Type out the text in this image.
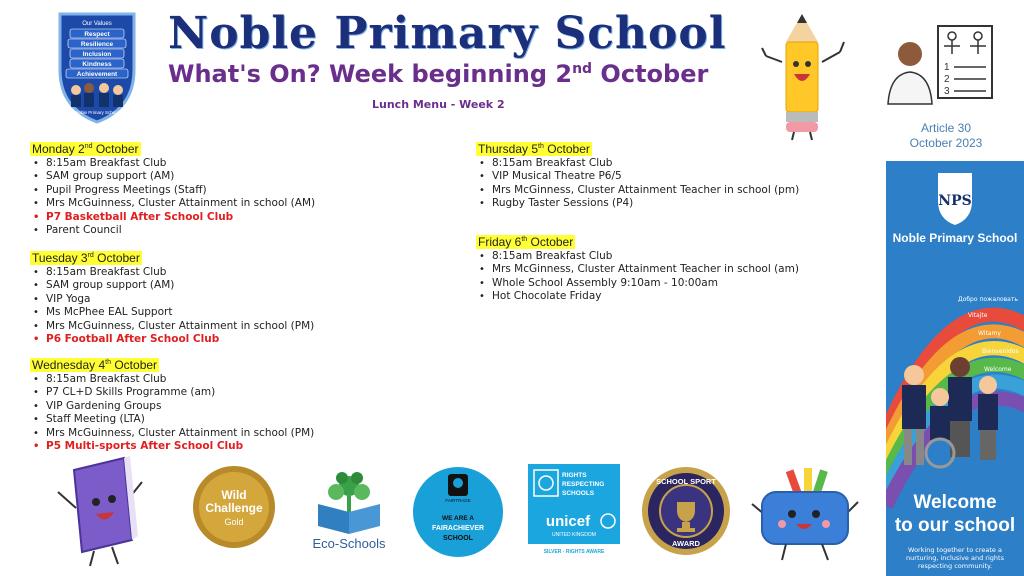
Our Values
Respect
Resilience
Inclusion
Kindness
Achievement
Noble Primary School
Noble Primary School
What's On? Week beginning 2nd October
Lunch Menu - Week 2
1
2
3
Article 30
October 2023
Monday 2nd October
• 8:15am Breakfast Club
• SAM group support (AM)
• Pupil Progress Meetings (Staff)
• Mrs McGuinness, Cluster Attainment in school (AM)
• P7 Basketball After School Club
• Parent Council
Tuesday 3rd October
• 8:15am Breakfast Club
• SAM group support (AM)
• VIP Yoga
• Ms McPhee EAL Support
• Mrs McGuinness, Cluster Attainment in school (PM)
• P6 Football After School Club
Wednesday 4th October
• 8:15am Breakfast Club
• P7 CL+D Skills Programme (am)
• VIP Gardening Groups
• Staff Meeting (LTA)
• Mrs McGuinness, Cluster Attainment in school (PM)
• P5 Multi-sports After School Club
Thursday 5th October
• 8:15am Breakfast Club
• VIP Musical Theatre P6/5
• Mrs McGinness, Cluster Attainment Teacher in school (pm)
• Rugby Taster Sessions (P4)
Friday 6th October
• 8:15am Breakfast Club
• Mrs McGinness, Cluster Attainment Teacher in school (am)
• Whole School Assembly 9:10am - 10:00am
• Hot Chocolate Friday
NPS
Добро пожаловать
Vitajte
Witamy
Bienvenidos
Welcome
Noble Primary School
Welcome
to our school
Working together to create a nurturing, inclusive and rights respecting community.
Wild
Challenge
Gold
Eco-Schools
FAIRTRADE
WE ARE A
FAIRACHIEVER
SCHOOL
RIGHTS
RESPECTING
SCHOOLS
unicef
UNITED KINGDOM
SILVER - RIGHTS AWARE
SCHOOL SPORT
AWARD
